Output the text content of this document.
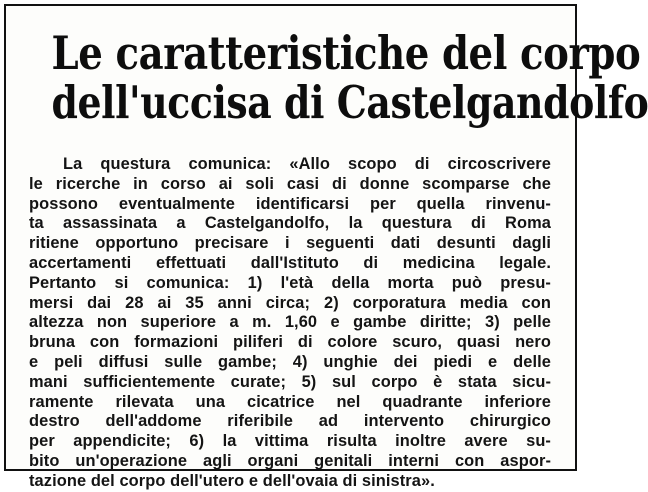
Le caratteristiche del corpo
dell'uccisa di Castelgandolfo
La questura comunica: «Allo scopo di circoscrivere
le ricerche in corso ai soli casi di donne scomparse che
possono eventualmente identificarsi per quella rinvenu-
ta assassinata a Castelgandolfo, la questura di Roma
ritiene opportuno precisare i seguenti dati desunti dagli
accertamenti effettuati dall'Istituto di medicina legale.
Pertanto si comunica: 1) l'età della morta può presu-
mersi dai 28 ai 35 anni circa; 2) corporatura media con
altezza non superiore a m. 1,60 e gambe diritte; 3) pelle
bruna con formazioni piliferi di colore scuro, quasi nero
e peli diffusi sulle gambe; 4) unghie dei piedi e delle
mani sufficientemente curate; 5) sul corpo è stata sicu-
ramente rilevata una cicatrice nel quadrante inferiore
destro dell'addome riferibile ad intervento chirurgico
per appendicite; 6) la vittima risulta inoltre avere su-
bito un'operazione agli organi genitali interni con aspor-
tazione del corpo dell'utero e dell'ovaia di sinistra».
